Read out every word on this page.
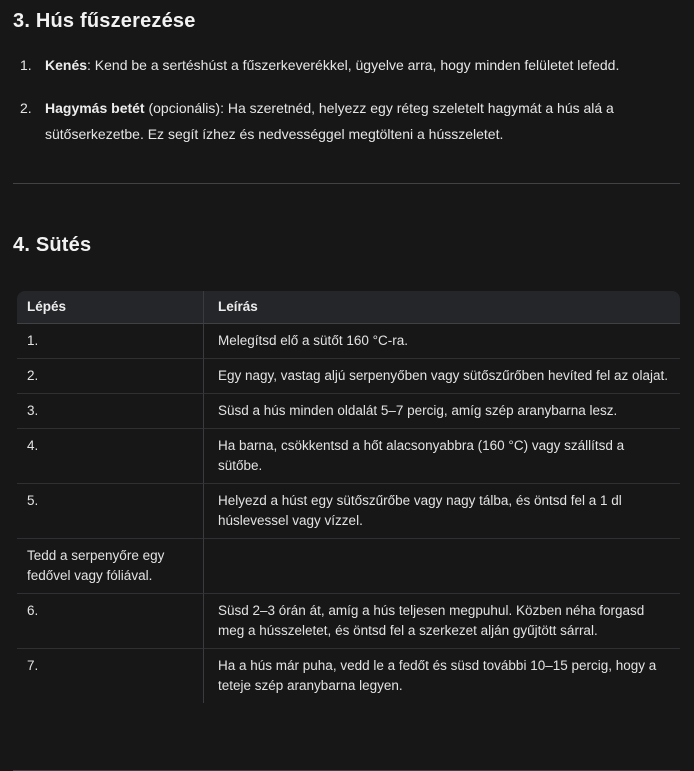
3. Hús fűszerezése
1. Kenés: Kend be a sertéshúst a fűszerkeverékkel, ügyelve arra, hogy minden felületet lefedd.
2. Hagymás betét (opcionális): Ha szeretnéd, helyezz egy réteg szeletelt hagymát a hús alá a sütőserkezetbe. Ez segít ízhez és nedvességgel megtölteni a hússzeletet.
4. Sütés
Lépés	Leírás
1.	Melegítsd elő a sütőt 160 °C-ra.
2.	Egy nagy, vastag aljú serpenyőben vagy sütőszűrőben hevíted fel az olajat.
3.	Süsd a hús minden oldalát 5–7 percig, amíg szép aranybarna lesz.
4.	Ha barna, csökkentsd a hőt alacsonyabbra (160 °C) vagy szállítsd a sütőbe.
5.	Helyezd a húst egy sütőszűrőbe vagy nagy tálba, és öntsd fel a 1 dl húslevessel vagy vízzel.
Tedd a serpenyőre egy fedővel vagy fóliával.	
6.	Süsd 2–3 órán át, amíg a hús teljesen megpuhul. Közben néha forgasd meg a hússzeletet, és öntsd fel a szerkezet alján gyűjtött sárral.
7.	Ha a hús már puha, vedd le a fedőt és süsd további 10–15 percig, hogy a teteje szép aranybarna legyen.
